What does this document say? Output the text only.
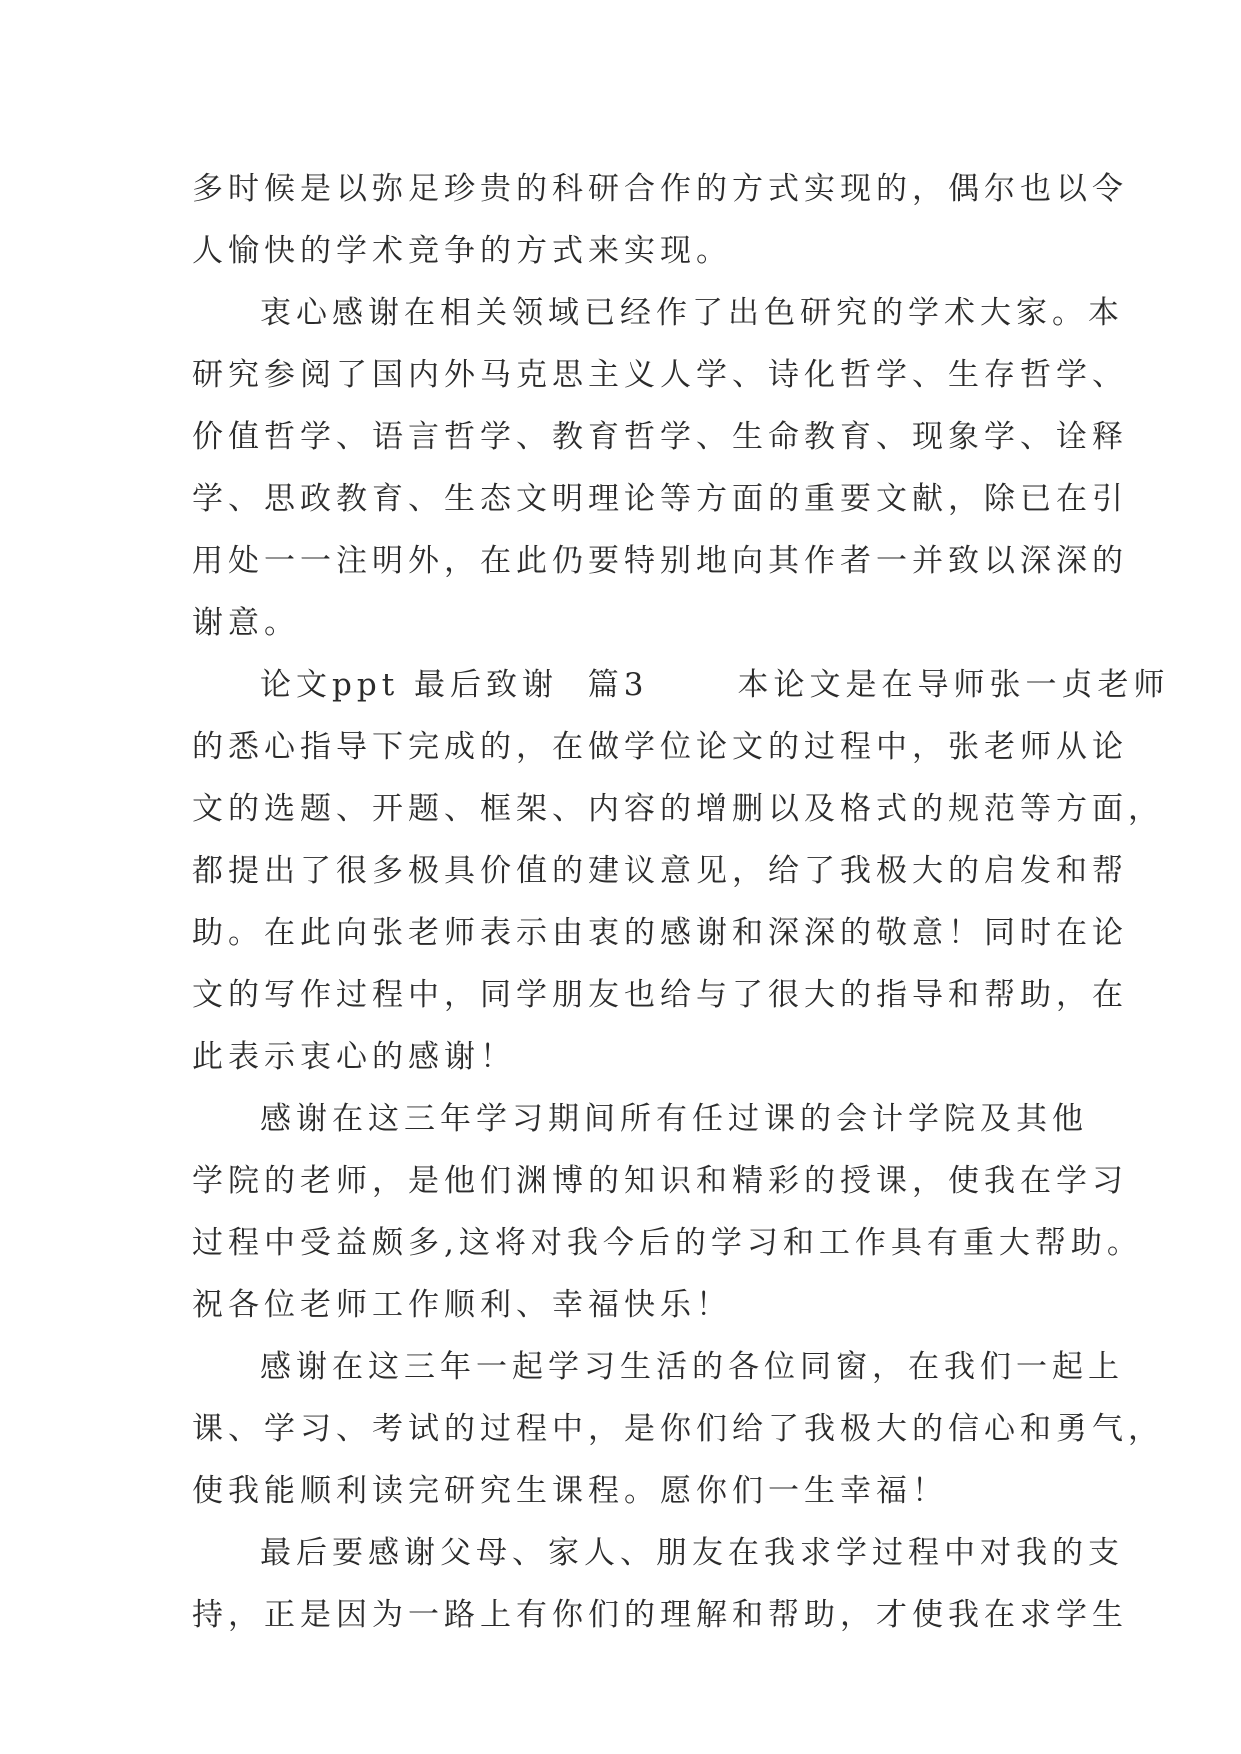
多时候是以弥足珍贵的科研合作的方式实现的，偶尔也以令
人愉快的学术竞争的方式来实现。
衷心感谢在相关领域已经作了出色研究的学术大家。本
研究参阅了国内外马克思主义人学、诗化哲学、生存哲学、
价值哲学、语言哲学、教育哲学、生命教育、现象学、诠释
学、思政教育、生态文明理论等方面的重要文献，除已在引
用处一一注明外，在此仍要特别地向其作者一并致以深深的
谢意。
论文ppt 最后致谢  篇3      本论文是在导师张一贞老师
的悉心指导下完成的，在做学位论文的过程中，张老师从论
文的选题、开题、框架、内容的增删以及格式的规范等方面，
都提出了很多极具价值的建议意见，给了我极大的启发和帮
助。在此向张老师表示由衷的感谢和深深的敬意！同时在论
文的写作过程中，同学朋友也给与了很大的指导和帮助，在
此表示衷心的感谢！
感谢在这三年学习期间所有任过课的会计学院及其他
学院的老师，是他们渊博的知识和精彩的授课，使我在学习
过程中受益颇多,这将对我今后的学习和工作具有重大帮助。
祝各位老师工作顺利、幸福快乐！
感谢在这三年一起学习生活的各位同窗，在我们一起上
课、学习、考试的过程中，是你们给了我极大的信心和勇气，
使我能顺利读完研究生课程。愿你们一生幸福！
最后要感谢父母、家人、朋友在我求学过程中对我的支
持，正是因为一路上有你们的理解和帮助，才使我在求学生
